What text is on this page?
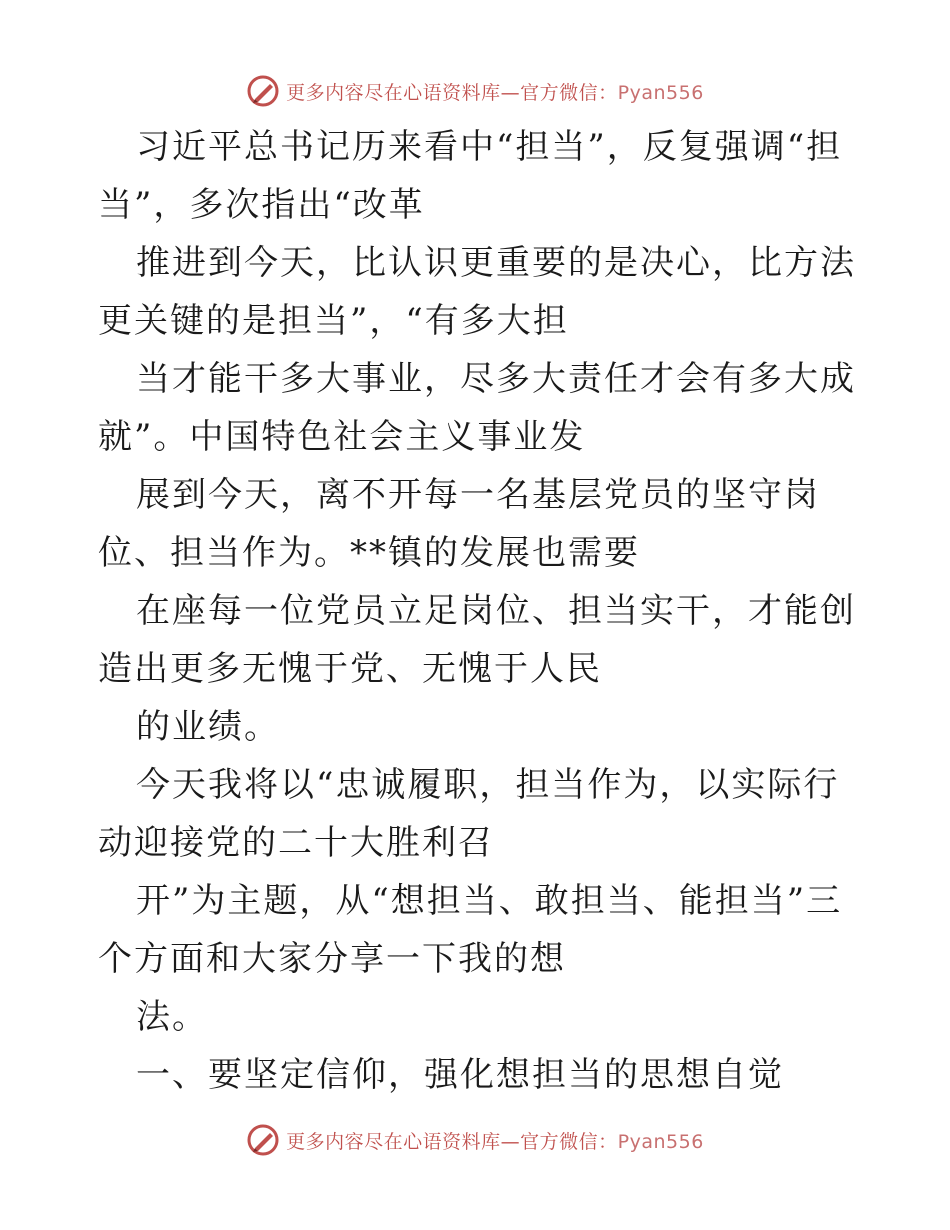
更多内容尽在心语资料库—官方微信：Pyan556

习近平总书记历来看中“担当”，反复强调“担当”，多次指出“改革

推进到今天，比认识更重要的是决心，比方法更关键的是担当”，“有多大担

当才能干多大事业，尽多大责任才会有多大成就”。中国特色社会主义事业发

展到今天，离不开每一名基层党员的坚守岗位、担当作为。**镇的发展也需要

在座每一位党员立足岗位、担当实干，才能创造出更多无愧于党、无愧于人民

的业绩。

今天我将以“忠诚履职，担当作为，以实际行动迎接党的二十大胜利召

开”为主题，从“想担当、敢担当、能担当”三个方面和大家分享一下我的想

法。

一、要坚定信仰，强化想担当的思想自觉

更多内容尽在心语资料库—官方微信：Pyan556
